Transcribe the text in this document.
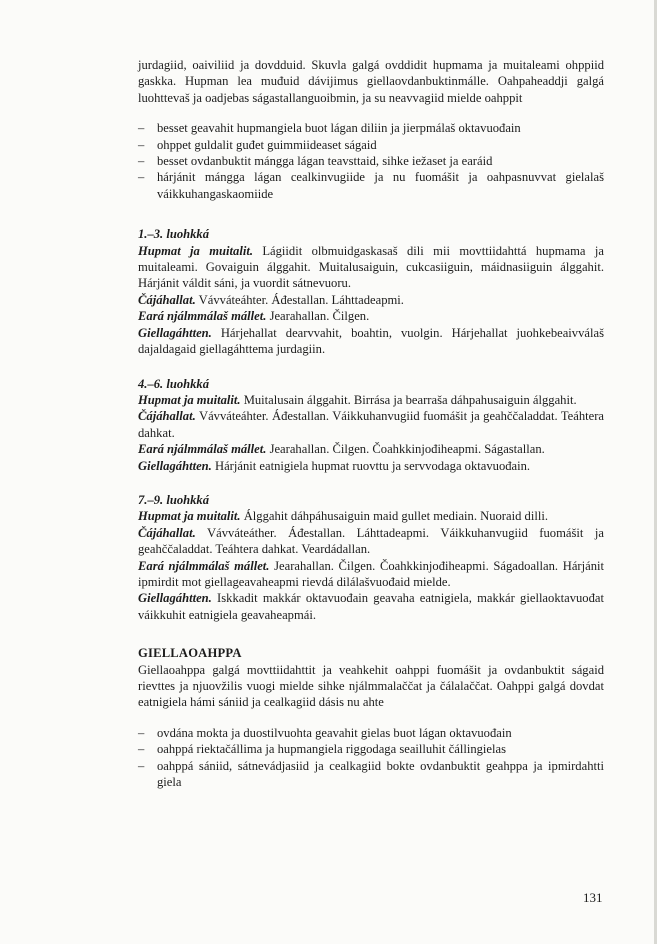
jurdagiid, oaiviliid ja dovdduid. Skuvla galgá ovddidit hupmama ja muitaleami ohppiid gaskka. Hupman lea muđuid dávijimus giellaovdanbuktinmálle. Oahpaheaddji galgá luohttevaš ja oadjebas ságastallanguoibmin, ja su neavvagiid mielde oahppit

– besset geavahit hupmangiela buot lágan diliin ja jierpmálaš oktavuođain
– ohppet guldalit guđet guimmiideaset ságaid
– besset ovdanbuktit mángga lágan teavsttaid, sihke iežaset ja earáid
– hárjánit mángga lágan cealkinvugiide ja nu fuomášit ja oahpasnuvvat gielalaš váikkuhangaskaomiide
1.–3. luohkká

Hupmat ja muitalit. Lágiidit olbmuidgaskasaš dili mii movttiidahttá hupmama ja muitaleami. Govaiguin álggahit. Muitalusaiguin, cukcasiiguin, máidnasiiguin álggahit. Hárjánit váldit sáni, ja vuordit sátnevuoru.

Čájáhallat. Vávváteáhter. Áđestallan. Láhttadeapmi.

Eará njálmmálaš mállet. Jearahallan. Čilgen.

Giellagáhtten. Hárjehallat dearvvahit, boahtin, vuolgin. Hárjehallat juohkebeaivválaš dajaldagaid giellagáhttema jurdagiin.

4.–6. luohkká

Hupmat ja muitalit. Muitalusain álggahit. Birrása ja bearraša dáhpahusaiguin álggahit.

Čájáhallat. Vávváteáhter. Áđestallan. Váikkuhanvugiid fuomášit ja geahččaladdat. Teáhtera dahkat.

Eará njálmmálaš mállet. Jearahallan. Čilgen. Čoahkkinjođiheapmi. Ságastallan.

Giellagáhtten. Hárjánit eatnigiela hupmat ruovttu ja servvodaga oktavuođain.

7.–9. luohkká

Hupmat ja muitalit. Álggahit dáhpáhusaiguin maid gullet mediain. Nuoraid dilli.

Čájáhallat. Vávváteáther. Áđestallan. Láhttadeapmi. Váikkuhanvugiid fuomášit ja geahččaladdat. Teáhtera dahkat. Veardádallan.

Eará njálmmálaš mállet. Jearahallan. Čilgen. Čoahkkinjođiheapmi. Ságadoallan. Hárjánit ipmirdit mot giellageavaheapmi rievdá dilálašvuođaid mielde.

Giellagáhtten. Iskkadit makkár oktavuođain geavaha eatnigiela, makkár giellaoktavuođat váikkuhit eatnigiela geavaheapmái.

GIELLAOAHPPA

Giellaoahppa galgá movttiidahttit ja veahkehit oahppi fuomášit ja ovdanbuktit ságaid rievttes ja njuovžilis vuogi mielde sihke njálmmalaččat ja čálalaččat. Oahppi galgá dovdat eatnigiela hámi sániid ja cealkagiid dásis nu ahte

– ovdána mokta ja duostilvuohta geavahit gielas buot lágan oktavuođain
– oahppá riektačállima ja hupmangiela riggodaga seailluhit čállingielas
– oahppá sániid, sátnevádjasiid ja cealkagiid bokte ovdanbuktit geahppa ja ipmirdahtti giela
131
